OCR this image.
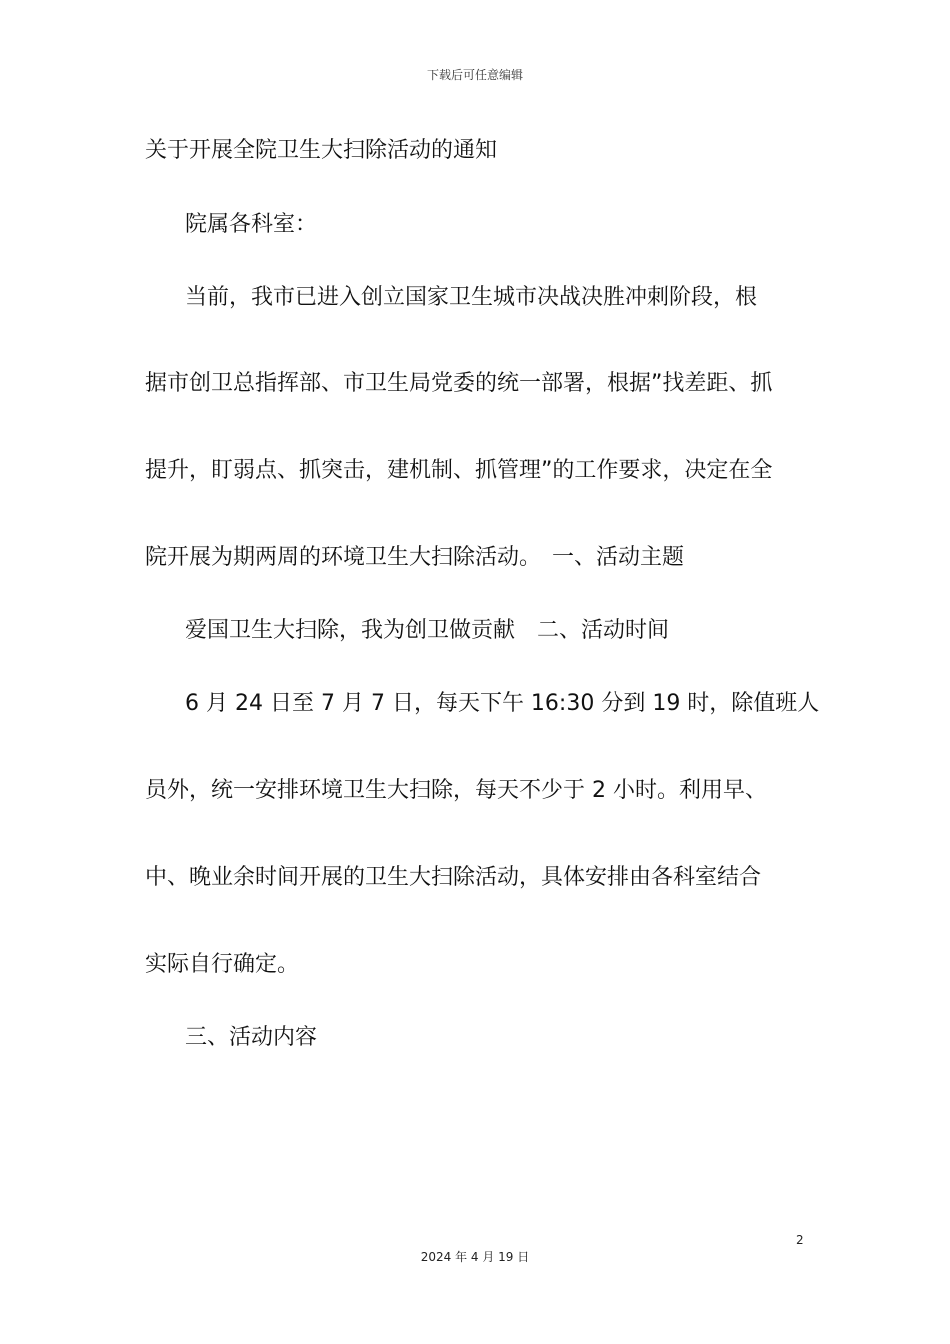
下载后可任意编辑
关于开展全院卫生大扫除活动的通知
院属各科室：
当前，我市已进入创立国家卫生城市决战决胜冲刺阶段，根
据市创卫总指挥部、市卫生局党委的统一部署，根据”找差距、抓
提升，盯弱点、抓突击，建机制、抓管理”的工作要求，决定在全
院开展为期两周的环境卫生大扫除活动。　一、活动主题
爱国卫生大扫除，我为创卫做贡献　二、活动时间
6 月 24 日至 7 月 7 日，每天下午 16:30 分到 19 时，除值班人
员外，统一安排环境卫生大扫除，每天不少于 2 小时。利用早、
中、晚业余时间开展的卫生大扫除活动，具体安排由各科室结合
实际自行确定。
三、活动内容
2
2024 年 4 月 19 日
